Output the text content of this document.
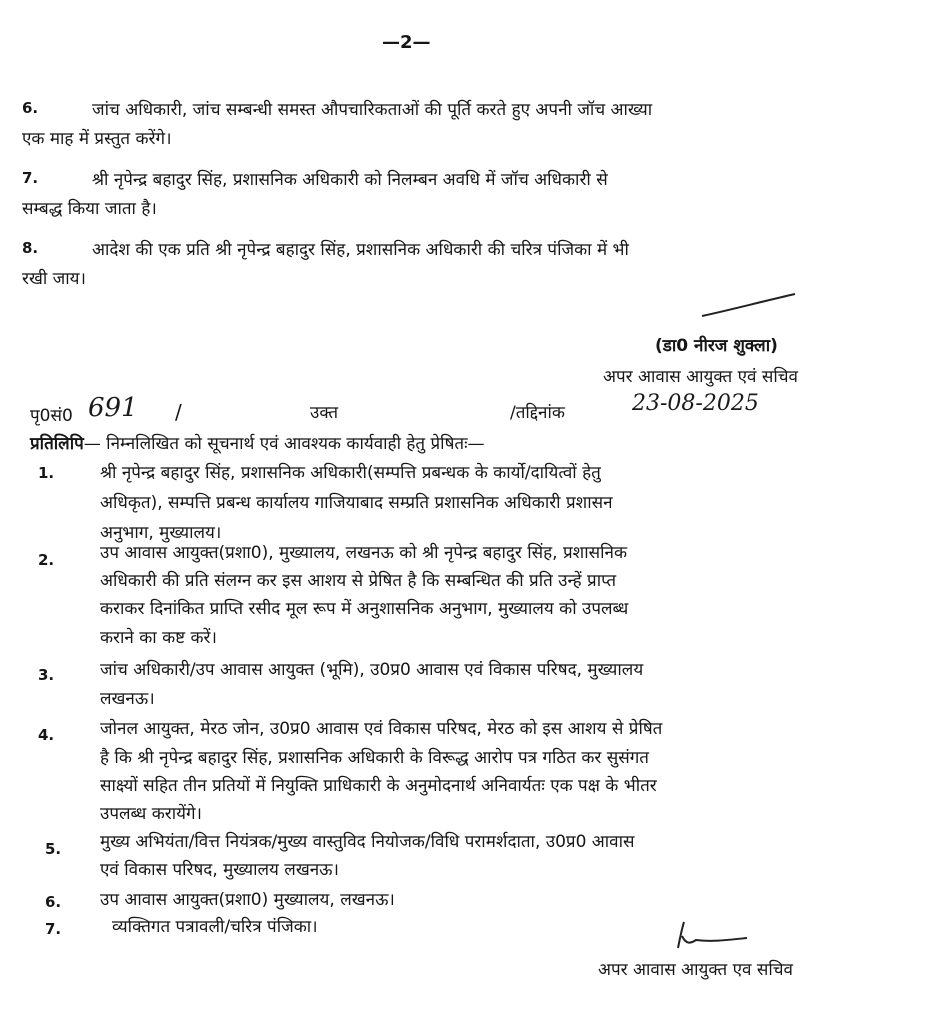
—2—
6.	जांच अधिकारी, जांच सम्बन्धी समस्त औपचारिकताओं की पूर्ति करते हुए अपनी जॉच आख्या
एक माह में प्रस्तुत करेंगे।
7.	श्री नृपेन्द्र बहादुर सिंह, प्रशासनिक अधिकारी को निलम्बन अवधि में जॉच अधिकारी से
सम्बद्ध किया जाता है।
8.	आदेश की एक प्रति श्री नृपेन्द्र बहादुर सिंह, प्रशासनिक अधिकारी की चरित्र पंजिका में भी
रखी जाय।
(डा0 नीरज शुक्ला)
अपर आवास आयुक्त एवं सचिव
पृ0सं0 691 /	उक्त	/तद्दिनांक	23-08-2025
प्रतिलिपि— निम्नलिखित को सूचनार्थ एवं आवश्यक कार्यवाही हेतु प्रेषितः—
1.	श्री नृपेन्द्र बहादुर सिंह, प्रशासनिक अधिकारी(सम्पत्ति प्रबन्धक के कार्यो/दायित्वों हेतु
अधिकृत), सम्पत्ति प्रबन्ध कार्यालय गाजियाबाद सम्प्रति प्रशासनिक अधिकारी प्रशासन
अनुभाग, मुख्यालय।
2.	उप आवास आयुक्त(प्रशा0), मुख्यालय, लखनऊ को श्री नृपेन्द्र बहादुर सिंह, प्रशासनिक
अधिकारी की प्रति संलग्न कर इस आशय से प्रेषित है कि सम्बन्धित की प्रति उन्हें प्राप्त
कराकर दिनांकित प्राप्ति रसीद मूल रूप में अनुशासनिक अनुभाग, मुख्यालय को उपलब्ध
कराने का कष्ट करें।
3.	जांच अधिकारी/उप आवास आयुक्त (भूमि), उ0प्र0 आवास एवं विकास परिषद, मुख्यालय
लखनऊ।
4.	जोनल आयुक्त, मेरठ जोन, उ0प्र0 आवास एवं विकास परिषद, मेरठ को इस आशय से प्रेषित
है कि श्री नृपेन्द्र बहादुर सिंह, प्रशासनिक अधिकारी के विरूद्ध आरोप पत्र गठित कर सुसंगत
साक्ष्यों सहित तीन प्रतियों में नियुक्ति प्राधिकारी के अनुमोदनार्थ अनिवार्यतः एक पक्ष के भीतर
उपलब्ध करायेंगे।
5. मुख्य अभियंता/वित्त नियंत्रक/मुख्य वास्तुविद नियोजक/विधि परामर्शदाता, उ0प्र0 आवास
एवं विकास परिषद, मुख्यालय लखनऊ।
6. उप आवास आयुक्त(प्रशा0) मुख्यालय, लखनऊ।
7.	व्यक्तिगत पत्रावली/चरित्र पंजिका।
अपर आवास आयुक्त एव सचिव
